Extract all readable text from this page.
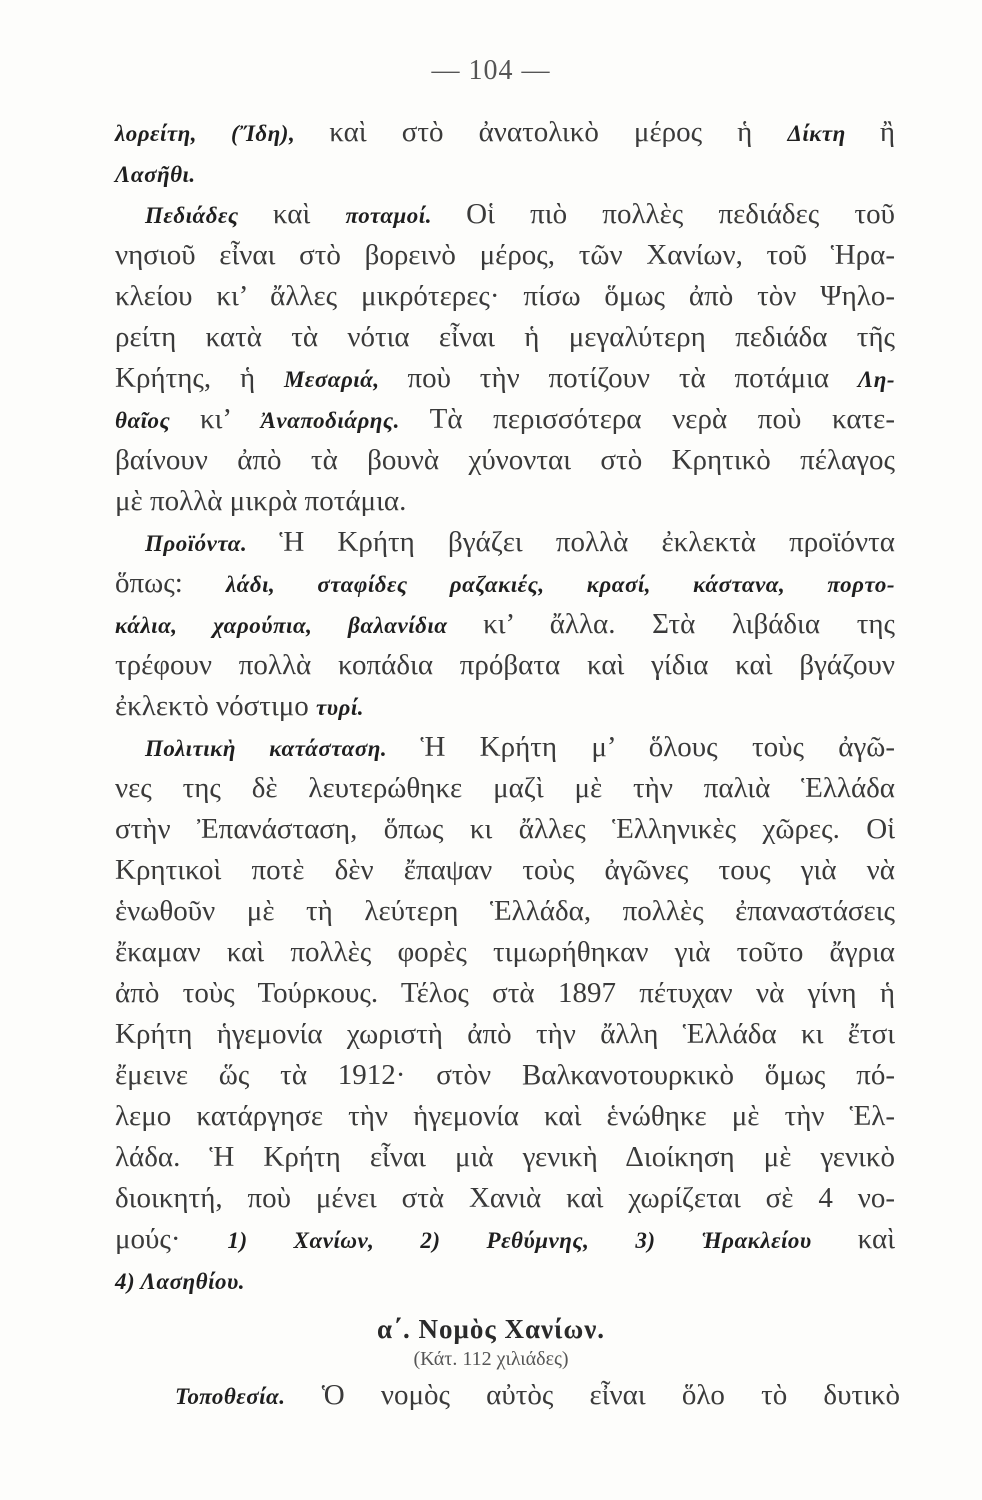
— 104 —
λορείτη, (Ἴδη), καὶ στὸ ἀνατολικὸ μέρος ἡ Δίκτη ἢ
Λασῆθι.
Πεδιάδες καὶ ποταμοί. Οἱ πιὸ πολλὲς πεδιάδες τοῦ
νησιοῦ εἶναι στὸ βορεινὸ μέρος, τῶν Χανίων, τοῦ Ἡρα-
κλείου κι’ ἄλλες μικρότερες· πίσω ὅμως ἀπὸ τὸν Ψηλο-
ρείτη κατὰ τὰ νότια εἶναι ἡ μεγαλύτερη πεδιάδα τῆς
Κρήτης, ἡ Μεσαριά, ποὺ τὴν ποτίζουν τὰ ποτάμια Λη-
θαῖος κι’ Ἀναποδιάρης. Τὰ περισσότερα νερὰ ποὺ κατε-
βαίνουν ἀπὸ τὰ βουνὰ χύνονται στὸ Κρητικὸ πέλαγος
μὲ πολλὰ μικρὰ ποτάμια.
Προϊόντα. Ἡ Κρήτη βγάζει πολλὰ ἐκλεκτὰ προϊόντα
ὅπως: λάδι, σταφίδες ραζακιές, κρασί, κάστανα, πορτο-
κάλια, χαρούπια, βαλανίδια κι’ ἄλλα. Στὰ λιβάδια της
τρέφουν πολλὰ κοπάδια πρόβατα καὶ γίδια καὶ βγάζουν
ἐκλεκτὸ νόστιμο τυρί.
Πολιτικὴ κατάσταση. Ἡ Κρήτη μ’ ὅλους τοὺς ἀγῶ-
νες της δὲ λευτερώθηκε μαζὶ μὲ τὴν παλιὰ Ἑλλάδα
στὴν Ἐπανάσταση, ὅπως κι ἄλλες Ἑλληνικὲς χῶρες. Οἱ
Κρητικοὶ ποτὲ δὲν ἔπαψαν τοὺς ἀγῶνες τους γιὰ νὰ
ἑνωθοῦν μὲ τὴ λεύτερη Ἑλλάδα, πολλὲς ἐπαναστάσεις
ἔκαμαν καὶ πολλὲς φορὲς τιμωρήθηκαν γιὰ τοῦτο ἄγρια
ἀπὸ τοὺς Τούρκους. Τέλος στὰ 1897 πέτυχαν νὰ γίνη ἡ
Κρήτη ἡγεμονία χωριστὴ ἀπὸ τὴν ἄλλη Ἑλλάδα κι ἔτσι
ἔμεινε ὥς τὰ 1912· στὸν Βαλκανοτουρκικὸ ὅμως πό-
λεμο κατάργησε τὴν ἡγεμονία καὶ ἑνώθηκε μὲ τὴν Ἑλ-
λάδα. Ἡ Κρήτη εἶναι μιὰ γενικὴ Διοίκηση μὲ γενικὸ
διοικητή, ποὺ μένει στὰ Χανιὰ καὶ χωρίζεται σὲ 4 νο-
μούς· 1) Χανίων, 2) Ρεθύμνης, 3) Ἡρακλείου καὶ
4) Λασηθίου.
α΄. Νομὸς Χανίων.
(Κάτ. 112 χιλιάδες)
Τοποθεσία. Ὁ νομὸς αὐτὸς εἶναι ὅλο τὸ δυτικὸ
